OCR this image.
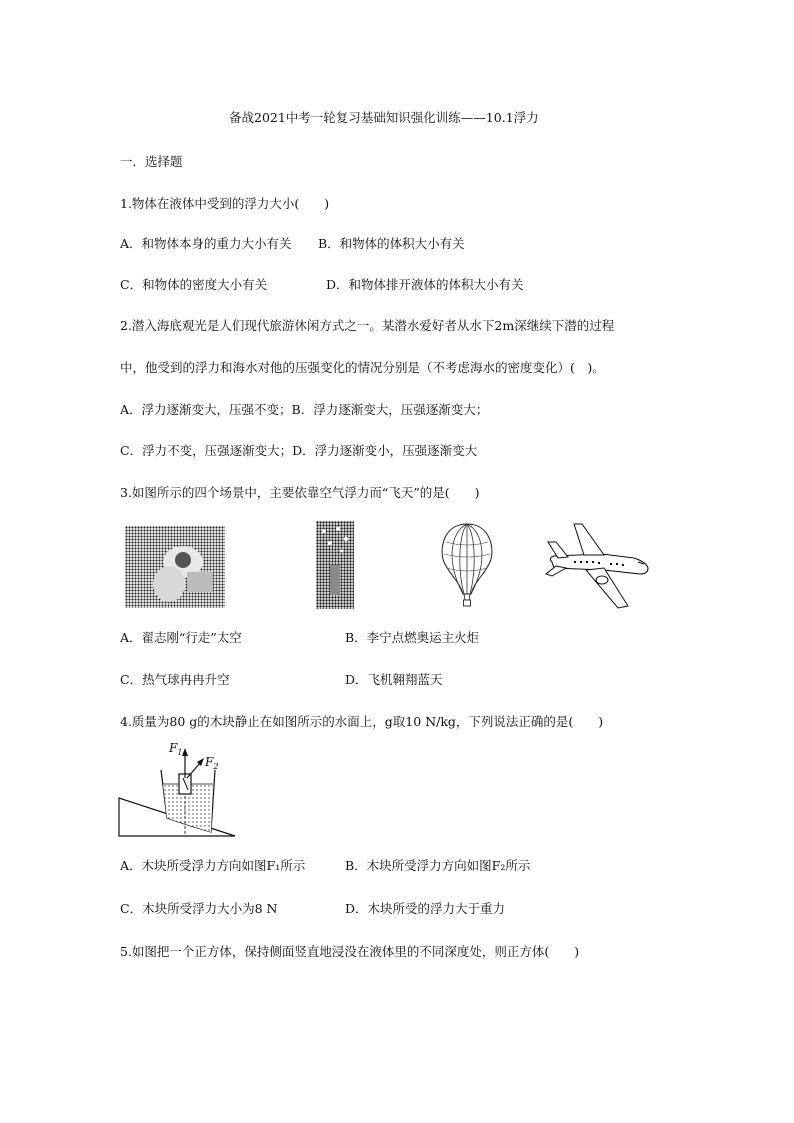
备战2021中考一轮复习基础知识强化训练——10.1浮力
一．选择题
1.物体在液体中受到的浮力大小(　　)
A．和物体本身的重力大小有关 B．和物体的体积大小有关
C．和物体的密度大小有关	D．和物体排开液体的体积大小有关
2.潜入海底观光是人们现代旅游休闲方式之一。某潜水爱好者从水下2m深继续下潜的过程
中，他受到的浮力和海水对他的压强变化的情况分别是（不考虑海水的密度变化）(　)。
A．浮力逐渐变大，压强不变；B．浮力逐渐变大，压强逐渐变大；
C．浮力不变，压强逐渐变大；D．浮力逐渐变小，压强逐渐变大
3.如图所示的四个场景中，主要依靠空气浮力而“飞天”的是(　　)
A．翟志刚“行走”太空	B．李宁点燃奥运主火炬
C．热气球冉冉升空	D．飞机翱翔蓝天
4.质量为80 g的木块静止在如图所示的水面上，g取10 N/kg，下列说法正确的是(　　)
$F_1$
$F_2$
A．木块所受浮力方向如图F₁所示	B．木块所受浮力方向如图F₂所示
C．木块所受浮力大小为8 N	D．木块所受的浮力大于重力
5.如图把一个正方体，保持侧面竖直地浸没在液体里的不同深度处，则正方体(　　)
